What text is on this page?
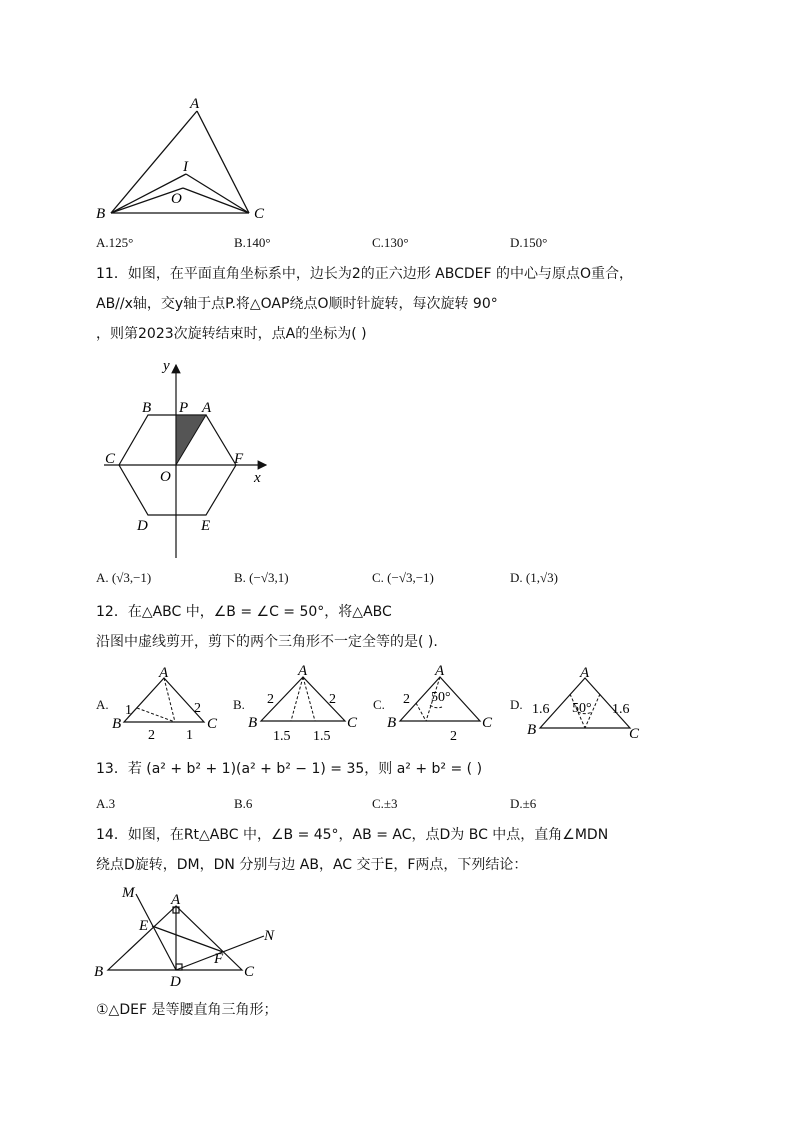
A
I
O
B	C
A.125°	B.140°	C.130°	D.150°
11．如图，在平面直角坐标系中，边长为2的正六边形 ABCDEF 的中心与原点O重合，
AB//x轴，交y轴于点P.将△OAP绕点O顺时针旋转，每次旋转 90°
，则第2023次旋转结束时，点A的坐标为( )
y
x
B P A
C
O
F
D	E
A. (√3,−1)	B. (−√3,1)	C. (−√3,−1)	D. (1,√3)
12．在△ABC 中，∠B = ∠C = 50°，将△ABC
沿图中虚线剪开，剪下的两个三角形不一定全等的是( ).
A.	B.	C.	D.
A
B	C
1	2
2 1
A
B	C
2	2
1.5 1.5
A
B	C
2 50°
2
A
B	C
1.6 50° 1.6
13．若 (a² + b² + 1)(a² + b² − 1) = 35，则 a² + b² = ( )
A.3	B.6	C.±3	D.±6
14．如图，在Rt△ABC 中，∠B = 45°，AB = AC，点D为 BC 中点，直角∠MDN
绕点D旋转，DM，DN 分别与边 AB，AC 交于E，F两点，下列结论：
M A
E
N
F
B
D
C
①△DEF 是等腰直角三角形；
